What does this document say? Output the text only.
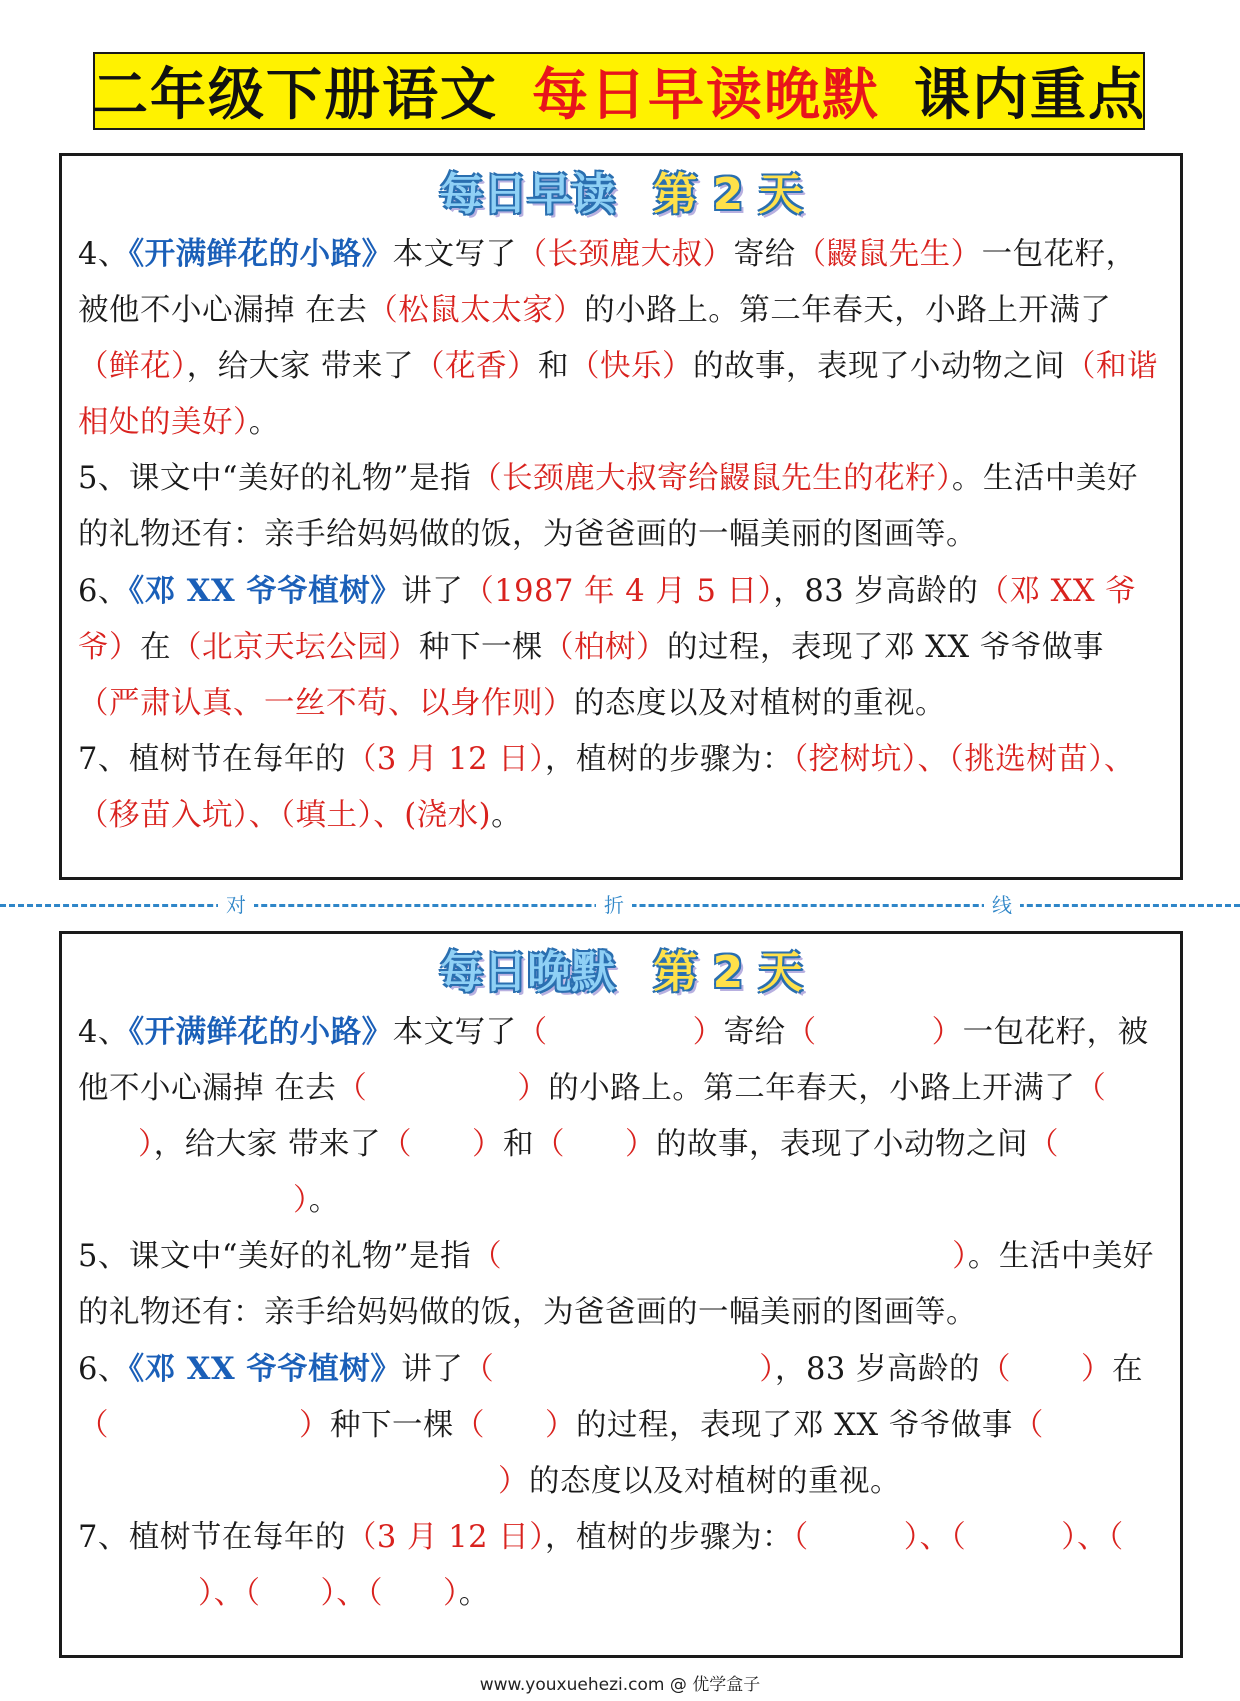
二年级下册语文 每日早读晚默 课内重点
每日早读 第 2 天

4、《开满鲜花的小路》本文写了（长颈鹿大叔）寄给（鼹鼠先生）一包花籽，被他不小心漏掉 在去（松鼠太太家）的小路上。第二年春天，小路上开满了（鲜花），给大家 带来了（花香）和（快乐）的故事，表现了小动物之间（和谐相处的美好）。

5、课文中“美好的礼物”是指（长颈鹿大叔寄给鼹鼠先生的花籽）。生活中美好的礼物还有：亲手给妈妈做的饭，为爸爸画的一幅美丽的图画等。

6、《邓 XX 爷爷植树》讲了（1987 年 4 月 5 日），83 岁高龄的（邓 XX 爷爷）在（北京天坛公园）种下一棵（柏树）的过程，表现了邓 XX 爷爷做事（严肃认真、一丝不苟、以身作则）的态度以及对植树的重视。

7、植树节在每年的（3 月 12 日），植树的步骤为：（挖树坑）、（挑选树苗）、（移苗入坑）、（填土）、(浇水)。

对	折	线
每日晚默 第 2 天

4、《开满鲜花的小路》本文写了（	）寄给（	）一包花籽，被他不小心漏掉 在去（	）的小路上。第二年春天，小路上开满了（），给大家 带来了（ ）和（ ）的故事，表现了小动物之间（）。

5、课文中“美好的礼物”是指（	）。生活中美好的礼物还有：亲手给妈妈做的饭，为爸爸画的一幅美丽的图画等。

6、《邓 XX 爷爷植树》讲了（	），83 岁高龄的（ ）在（	）种下一棵（ ）的过程，表现了邓 XX 爷爷做事（）的态度以及对植树的重视。

7、植树节在每年的（3 月 12 日），植树的步骤为：（	）、（	）、（）、（ ）、（ ）。

www.youxuehezi.com @ 优学盒子
